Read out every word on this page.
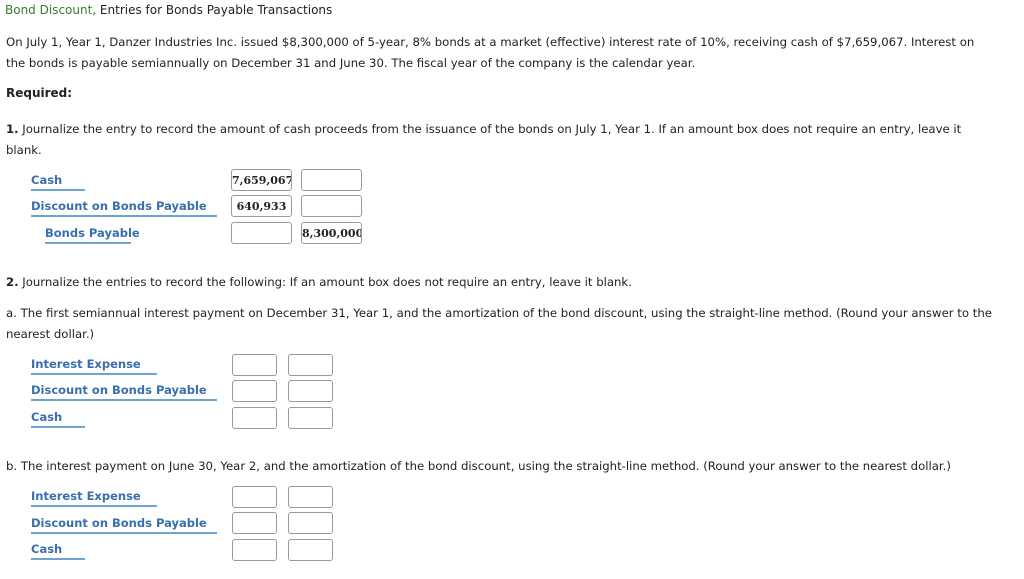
Bond Discount, Entries for Bonds Payable Transactions
On July 1, Year 1, Danzer Industries Inc. issued $8,300,000 of 5-year, 8% bonds at a market (effective) interest rate of 10%, receiving cash of $7,659,067. Interest on
the bonds is payable semiannually on December 31 and June 30. The fiscal year of the company is the calendar year.
Required:
1. Journalize the entry to record the amount of cash proceeds from the issuance of the bonds on July 1, Year 1. If an amount box does not require an entry, leave it
blank.
Cash
7,659,067
Discount on Bonds Payable
640,933
Bonds Payable
8,300,000
2. Journalize the entries to record the following: If an amount box does not require an entry, leave it blank.
a. The first semiannual interest payment on December 31, Year 1, and the amortization of the bond discount, using the straight-line method. (Round your answer to the
nearest dollar.)
Interest Expense
Discount on Bonds Payable
Cash
b. The interest payment on June 30, Year 2, and the amortization of the bond discount, using the straight-line method. (Round your answer to the nearest dollar.)
Interest Expense
Discount on Bonds Payable
Cash
